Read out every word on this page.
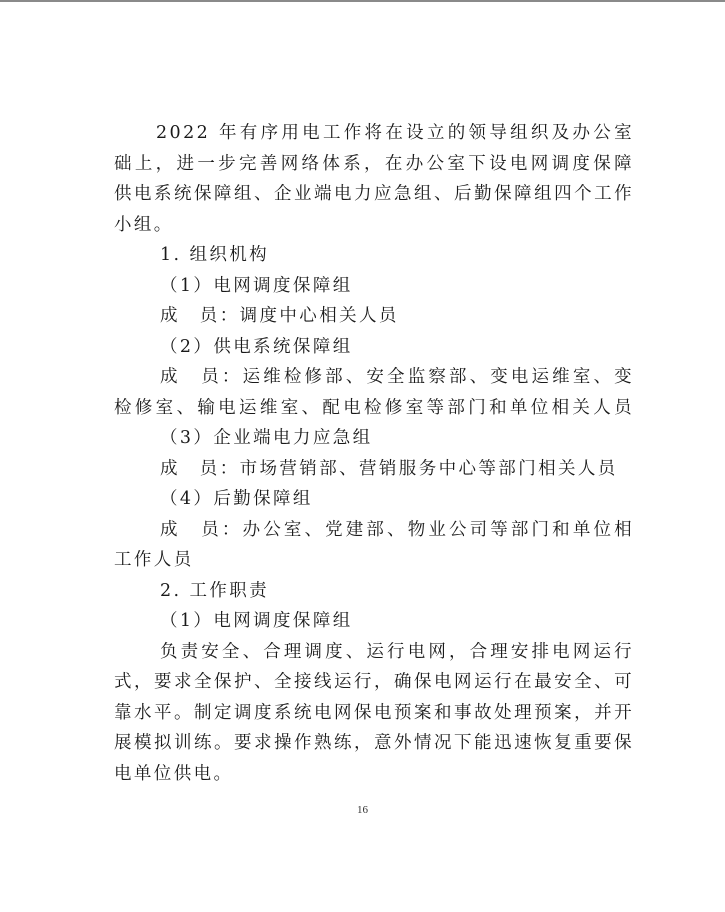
2022 年有序用电工作将在设立的领导组织及办公室
础上，进一步完善网络体系，在办公室下设电网调度保障
供电系统保障组、企业端电力应急组、后勤保障组四个工作
小组。
1. 组织机构
（1）电网调度保障组
成　员：调度中心相关人员
（2）供电系统保障组
成　员：运维检修部、安全监察部、变电运维室、变
检修室、输电运维室、配电检修室等部门和单位相关人员
（3）企业端电力应急组
成　员：市场营销部、营销服务中心等部门相关人员
（4）后勤保障组
成　员：办公室、党建部、物业公司等部门和单位相
工作人员
2. 工作职责
（1）电网调度保障组
负责安全、合理调度、运行电网，合理安排电网运行
式，要求全保护、全接线运行，确保电网运行在最安全、可
靠水平。制定调度系统电网保电预案和事故处理预案，并开
展模拟训练。要求操作熟练，意外情况下能迅速恢复重要保
电单位供电。
16
